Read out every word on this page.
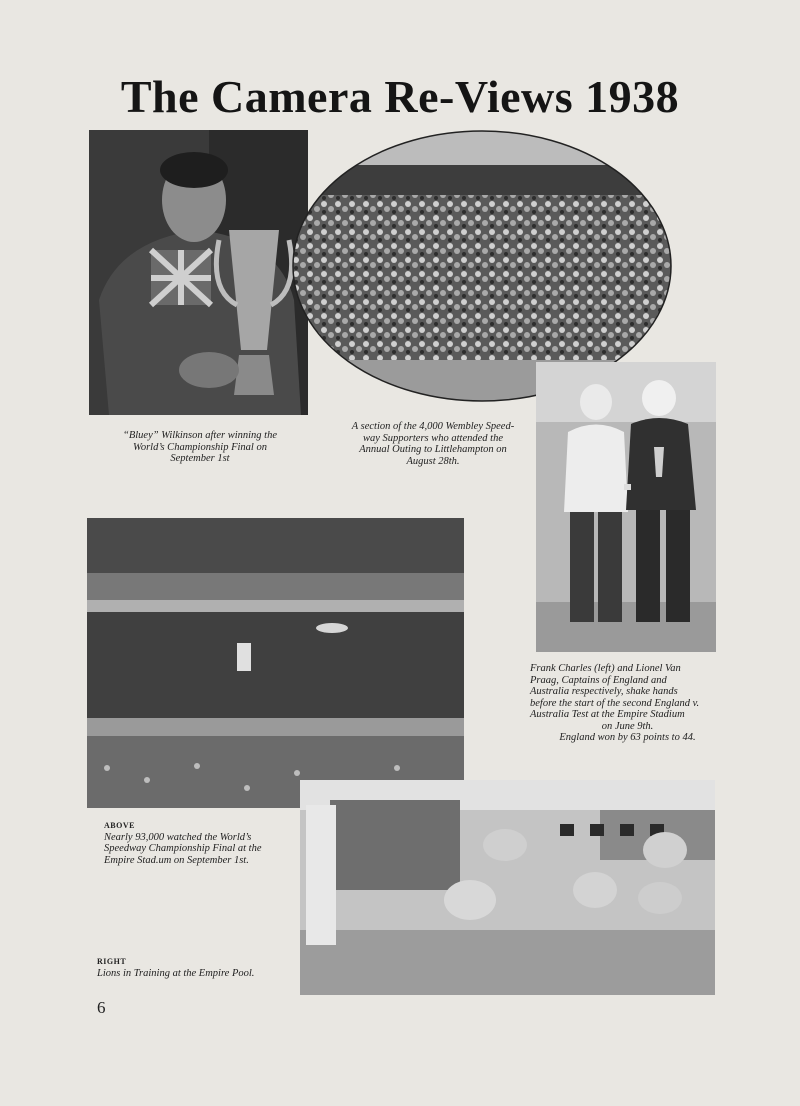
The Camera Re-Views 1938

“Bluey” Wilkinson after winning the
World’s Championship Final on
September 1st

A section of the 4,000 Wembley Speed-
way Supporters who attended the
Annual Outing to Littlehampton on
August 28th.

Frank Charles (left) and Lionel Van
Praag, Captains of England and
Australia respectively, shake hands
before the start of the second England v.
Australia Test at the Empire Stadium
on June 9th.
England won by 63 points to 44.

ABOVE
Nearly 93,000 watched the World’s
Speedway Championship Final at the
Empire Stad.um on September 1st.

RIGHT
Lions in Training at the Empire Pool.

6
